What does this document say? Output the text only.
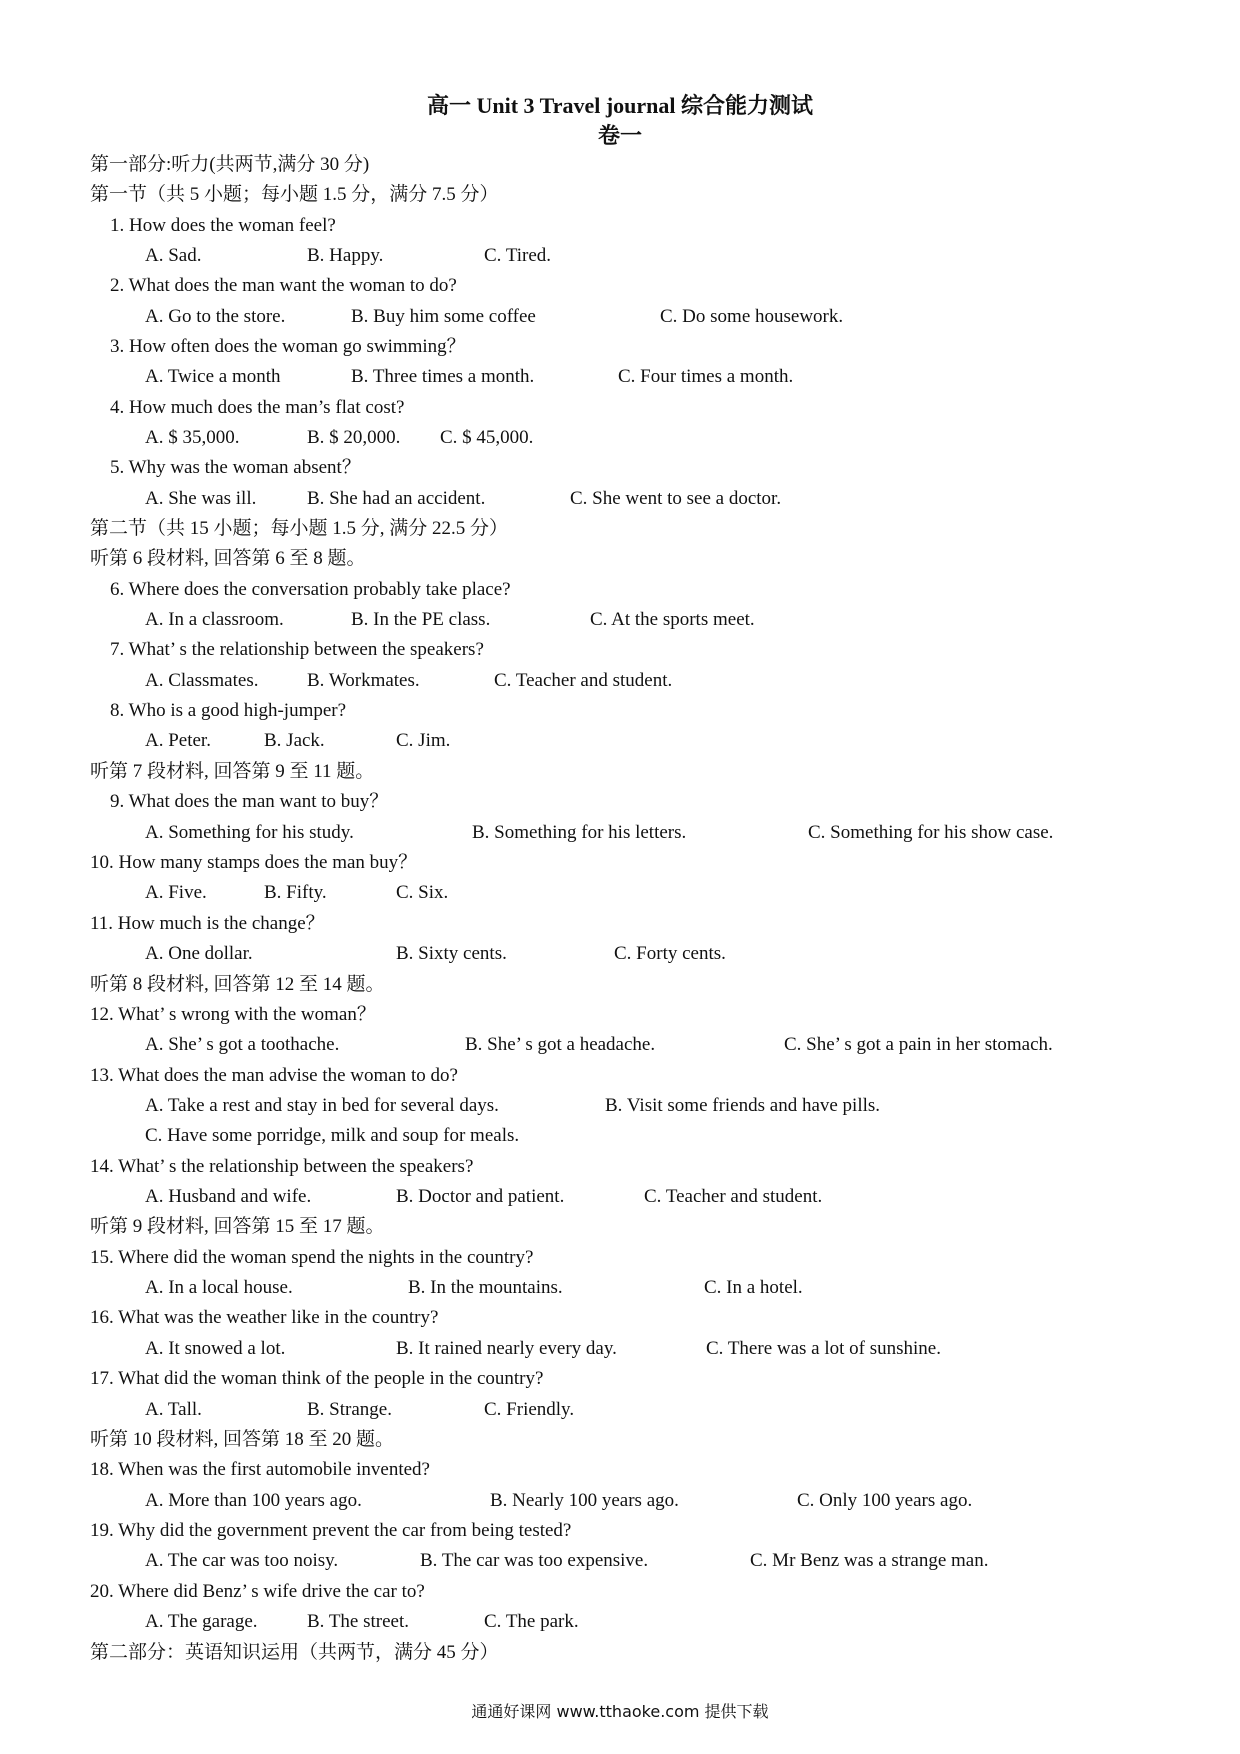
高一 Unit 3 Travel journal 综合能力测试
卷一
第一部分:听力(共两节,满分 30 分)
第一节（共 5 小题；每小题 1.5 分，满分 7.5 分）
1. How does the woman feel?
A. Sad.	B. Happy.	C. Tired.
2. What does the man want the woman to do?
A. Go to the store.	B. Buy him some coffee	C. Do some housework.
3. How often does the woman go swimming？
A. Twice a month	B. Three times a month.	C. Four times a month.
4. How much does the man’s flat cost?
A. $ 35,000.	B. $ 20,000. C. $ 45,000.
5. Why was the woman absent？
A. She was ill.	B. She had an accident.	C. She went to see a doctor.
第二节（共 15 小题；每小题 1.5 分, 满分 22.5 分）
听第 6 段材料, 回答第 6 至 8 题。
6. Where does the conversation probably take place?
A. In a classroom.	B. In the PE class.	C. At the sports meet.
7. What’ s the relationship between the speakers?
A. Classmates.	B. Workmates.	C. Teacher and student.
8. Who is a good high-jumper?
A. Peter.	B. Jack.	C. Jim.
听第 7 段材料, 回答第 9 至 11 题。
9. What does the man want to buy？
A. Something for his study.	B. Something for his letters.	C. Something for his show case.
10. How many stamps does the man buy？
A. Five.	B. Fifty.	C. Six.
11. How much is the change？
A. One dollar.	B. Sixty cents.	C. Forty cents.
听第 8 段材料, 回答第 12 至 14 题。
12. What’ s wrong with the woman？
A. She’ s got a toothache.	B. She’ s got a headache.	C. She’ s got a pain in her stomach.
13. What does the man advise the woman to do?
A. Take a rest and stay in bed for several days.	B. Visit some friends and have pills.
C. Have some porridge, milk and soup for meals.
14. What’ s the relationship between the speakers?
A. Husband and wife.	B. Doctor and patient.	C. Teacher and student.
听第 9 段材料, 回答第 15 至 17 题。
15. Where did the woman spend the nights in the country?
A. In a local house.	B. In the mountains.	C. In a hotel.
16. What was the weather like in the country?
A. It snowed a lot.	B. It rained nearly every day.	C. There was a lot of sunshine.
17. What did the woman think of the people in the country?
A. Tall.	B. Strange.	C. Friendly.
听第 10 段材料, 回答第 18 至 20 题。
18. When was the first automobile invented?
A. More than 100 years ago.	B. Nearly 100 years ago.	C. Only 100 years ago.
19. Why did the government prevent the car from being tested?
A. The car was too noisy.	B. The car was too expensive.	C. Mr Benz was a strange man.
20. Where did Benz’ s wife drive the car to?
A. The garage.	B. The street.	C. The park.
第二部分：英语知识运用（共两节，满分 45 分）
通通好课网 www.tthaoke.com 提供下载
